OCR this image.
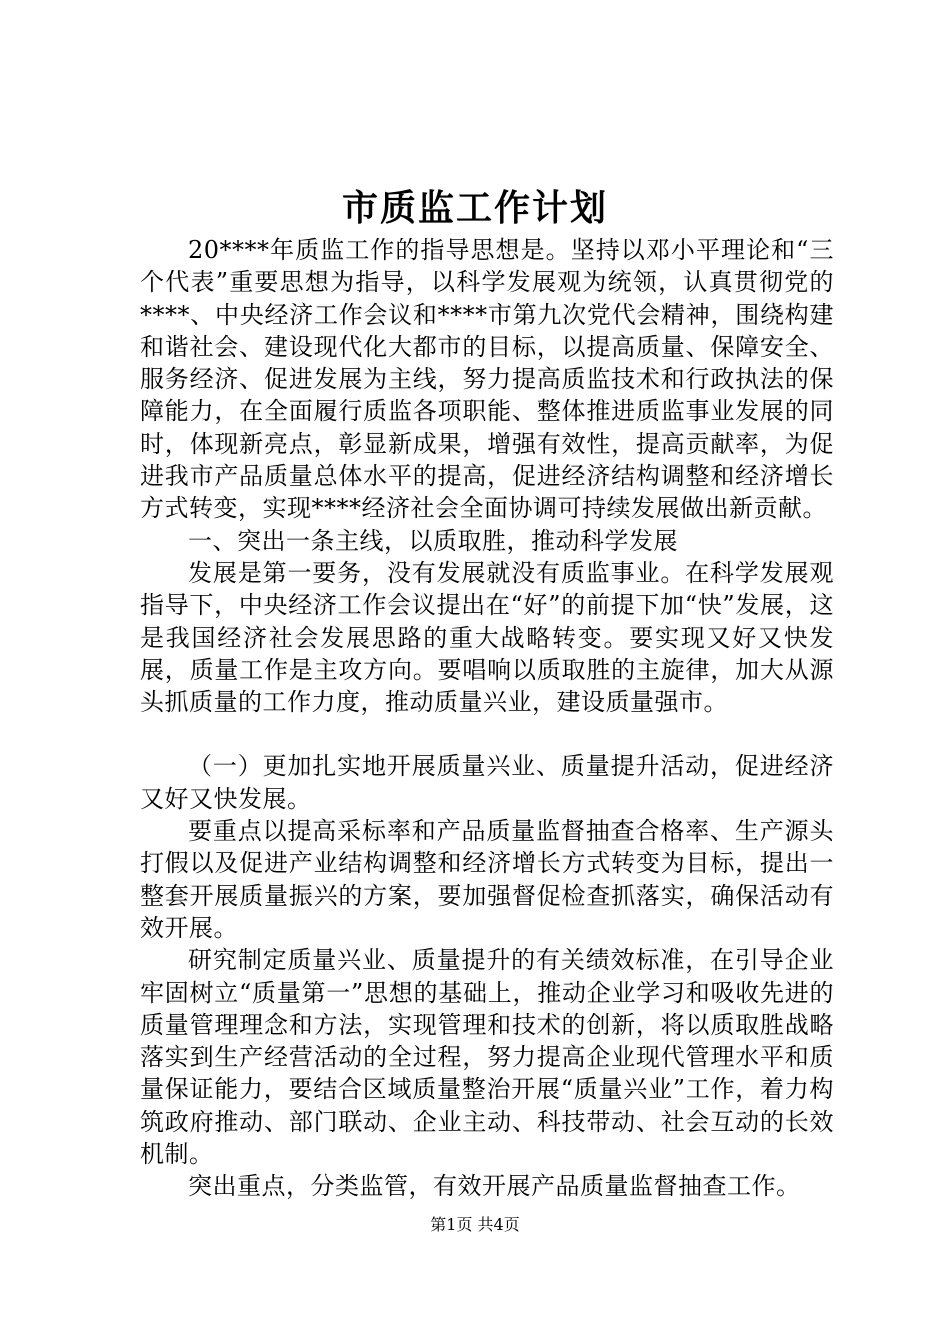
市质监工作计划

20****年质监工作的指导思想是。坚持以邓小平理论和“三个代表”重要思想为指导，以科学发展观为统领，认真贯彻党的****、中央经济工作会议和****市第九次党代会精神，围绕构建和谐社会、建设现代化大都市的目标，以提高质量、保障安全、服务经济、促进发展为主线，努力提高质监技术和行政执法的保障能力，在全面履行质监各项职能、整体推进质监事业发展的同时，体现新亮点，彰显新成果，增强有效性，提高贡献率，为促进我市产品质量总体水平的提高，促进经济结构调整和经济增长方式转变，实现****经济社会全面协调可持续发展做出新贡献。

一、突出一条主线，以质取胜，推动科学发展

发展是第一要务，没有发展就没有质监事业。在科学发展观指导下，中央经济工作会议提出在“好”的前提下加“快”发展，这是我国经济社会发展思路的重大战略转变。要实现又好又快发展，质量工作是主攻方向。要唱响以质取胜的主旋律，加大从源头抓质量的工作力度，推动质量兴业，建设质量强市。

（一）更加扎实地开展质量兴业、质量提升活动，促进经济又好又快发展。

要重点以提高采标率和产品质量监督抽查合格率、生产源头打假以及促进产业结构调整和经济增长方式转变为目标，提出一整套开展质量振兴的方案，要加强督促检查抓落实，确保活动有效开展。

研究制定质量兴业、质量提升的有关绩效标准，在引导企业牢固树立“质量第一”思想的基础上，推动企业学习和吸收先进的质量管理理念和方法，实现管理和技术的创新，将以质取胜战略落实到生产经营活动的全过程，努力提高企业现代管理水平和质量保证能力，要结合区域质量整治开展“质量兴业”工作，着力构筑政府推动、部门联动、企业主动、科技带动、社会互动的长效机制。

突出重点，分类监管，有效开展产品质量监督抽查工作。

第1页 共4页
